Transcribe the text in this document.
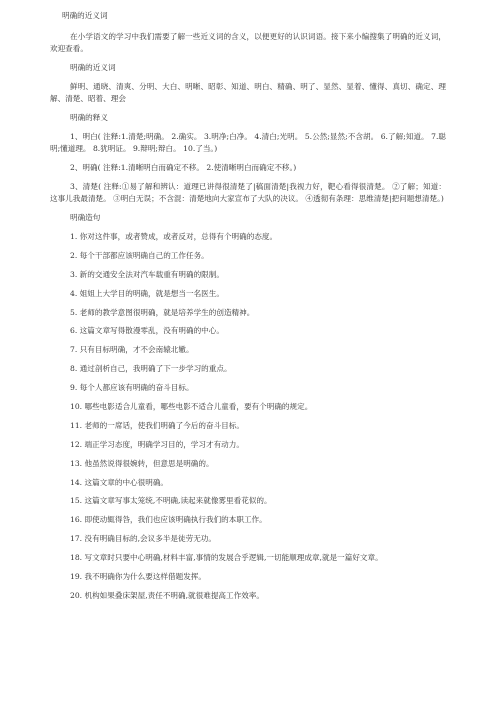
明确的近义词

在小学语文的学习中我们需要了解一些近义词的含义，以便更好的认识词语。接下来小编搜集了明确的近义词，欢迎查看。

明确的近义词

鲜明、通晓、清爽、分明、大白、明晰、昭彰、知道、明白、精确、明了、显然、显着、懂得、真切、确定、理解、清楚、昭着、理会

明确的释义

1、明白( 注释:1.清楚;明确。 2.确实。 3.明净;白净。 4.清白;光明。 5.公然;显然;不含胡。 6.了解;知道。 7.聪明;懂道理。 8.犹明证。 9.辩明;辩白。 10.了当。)

2、明确( 注释:1.清晰明白而确定不移。 2.使清晰明白而确定不移。)

3、清楚( 注释:①易了解和辨认：道理已讲得很清楚了|稿面清楚|我视力好，靶心看得很清楚。 ②了解；知道：这事儿我最清楚。 ③明白无误；不含混：清楚地向大家宣布了大队的决议。 ④透彻有条理：思维清楚|把问题想清楚。)

明确造句

1. 你对这件事，或者赞成，或者反对，总得有个明确的态度。

2. 每个干部都应该明确自己的工作任务。

3. 新的交通安全法对汽车载重有明确的限制。

4. 姐姐上大学目的明确，就是想当一名医生。

5. 老师的教学意图很明确，就是培养学生的创造精神。

6. 这篇文章写得散漫零乱，没有明确的中心。

7. 只有目标明确，才不会南辕北辙。

8. 通过剖析自己，我明确了下一步学习的重点。

9. 每个人都应该有明确的奋斗目标。

10. 哪些电影适合儿童看，哪些电影不适合儿童看，要有个明确的规定。

11. 老师的一席话，使我们明确了今后的奋斗目标。

12. 端正学习态度，明确学习目的，学习才有动力。

13. 他虽然说得很婉转，但意思是明确的。

14. 这篇文章的中心很明确。

15. 这篇文章写事太笼统,不明确,读起来就像雾里看花似的。

16. 即使动辄得咎，我们也应该明确执行我们的本职工作。

17. 没有明确目标的,会议多半是徒劳无功。

18. 写文章时只要中心明确,材料丰富,事情的发展合乎逻辑,一切能顺理成章,就是一篇好文章。

19. 我不明确你为什么要这样借题发挥。

20. 机构如果叠床架屋,责任不明确,就很难提高工作效率。
